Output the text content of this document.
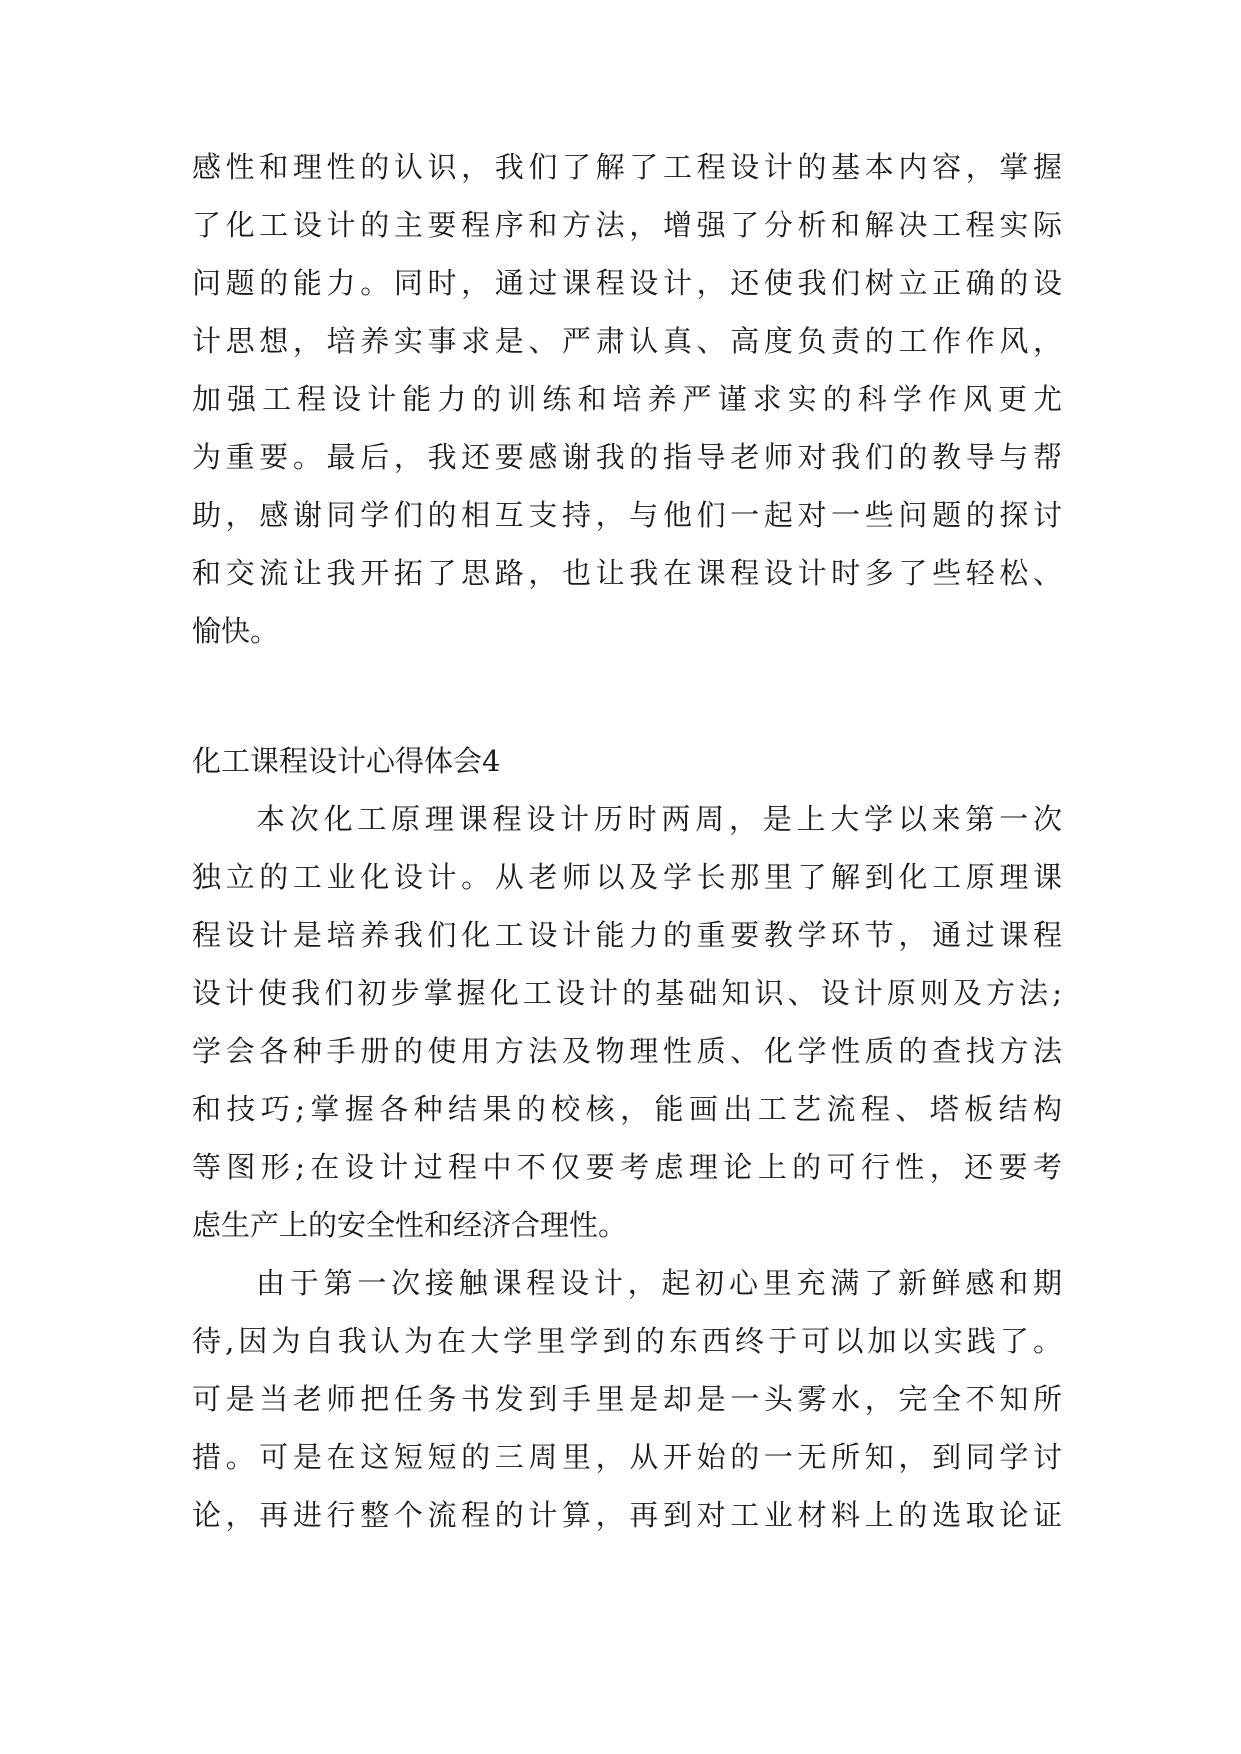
感性和理性的认识，我们了解了工程设计的基本内容，掌握
了化工设计的主要程序和方法，增强了分析和解决工程实际
问题的能力。同时，通过课程设计，还使我们树立正确的设
计思想，培养实事求是、严肃认真、高度负责的工作作风，
加强工程设计能力的训练和培养严谨求实的科学作风更尤
为重要。最后，我还要感谢我的指导老师对我们的教导与帮
助，感谢同学们的相互支持，与他们一起对一些问题的探讨
和交流让我开拓了思路，也让我在课程设计时多了些轻松、
愉快。
化工课程设计心得体会4
本次化工原理课程设计历时两周，是上大学以来第一次
独立的工业化设计。从老师以及学长那里了解到化工原理课
程设计是培养我们化工设计能力的重要教学环节，通过课程
设计使我们初步掌握化工设计的基础知识、设计原则及方法;
学会各种手册的使用方法及物理性质、化学性质的查找方法
和技巧;掌握各种结果的校核，能画出工艺流程、塔板结构
等图形;在设计过程中不仅要考虑理论上的可行性，还要考
虑生产上的安全性和经济合理性。
由于第一次接触课程设计，起初心里充满了新鲜感和期
待,因为自我认为在大学里学到的东西终于可以加以实践了。
可是当老师把任务书发到手里是却是一头雾水，完全不知所
措。可是在这短短的三周里，从开始的一无所知，到同学讨
论，再进行整个流程的计算，再到对工业材料上的选取论证
